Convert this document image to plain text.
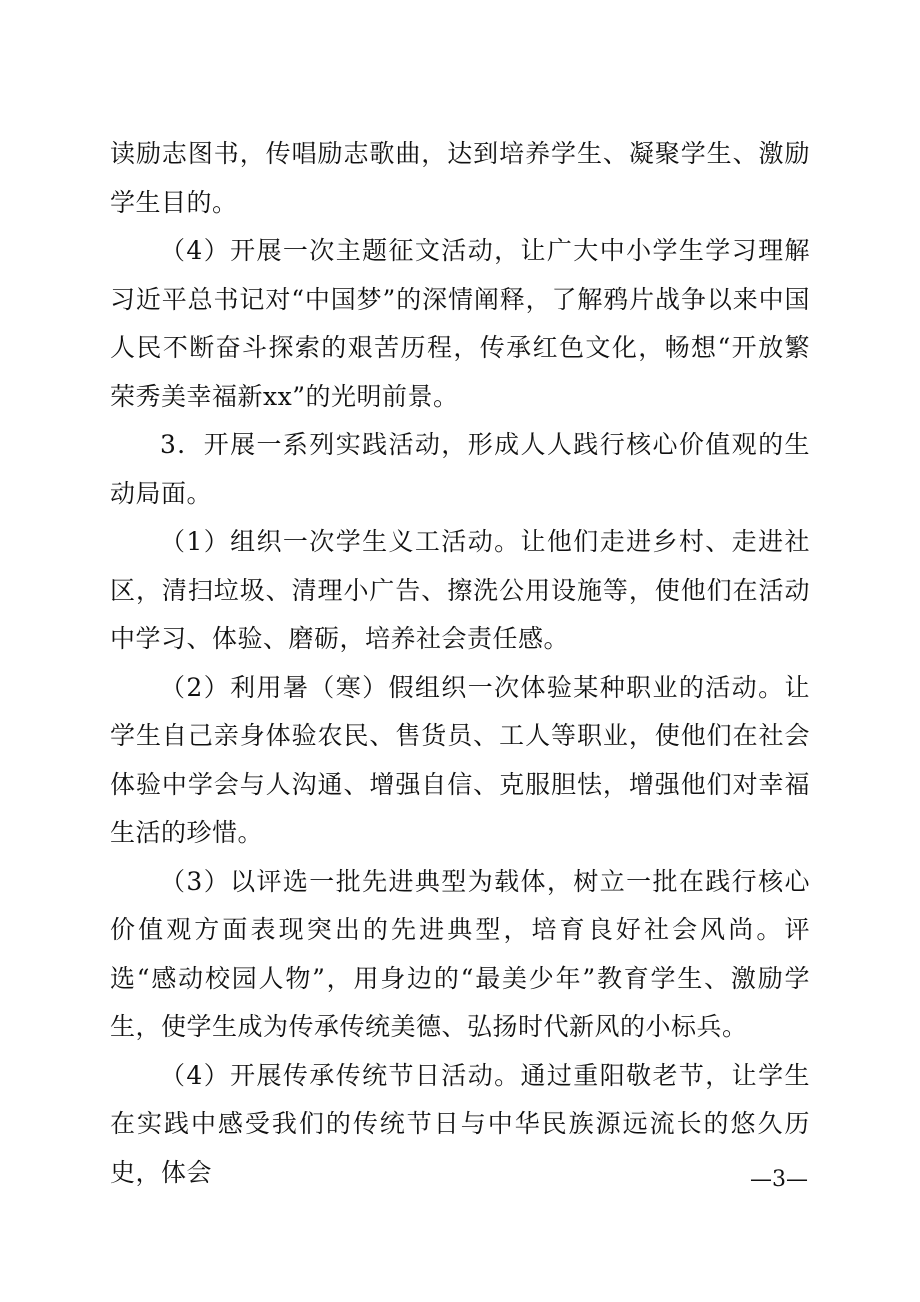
读励志图书，传唱励志歌曲，达到培养学生、凝聚学生、激励学生目的。

（4）开展一次主题征文活动，让广大中小学生学习理解习近平总书记对“中国梦”的深情阐释，了解鸦片战争以来中国人民不断奋斗探索的艰苦历程，传承红色文化，畅想“开放繁荣秀美幸福新xx”的光明前景。

3．开展一系列实践活动，形成人人践行核心价值观的生动局面。

（1）组织一次学生义工活动。让他们走进乡村、走进社区，清扫垃圾、清理小广告、擦洗公用设施等，使他们在活动中学习、体验、磨砺，培养社会责任感。

（2）利用暑（寒）假组织一次体验某种职业的活动。让学生自己亲身体验农民、售货员、工人等职业，使他们在社会体验中学会与人沟通、增强自信、克服胆怯，增强他们对幸福生活的珍惜。

（3）以评选一批先进典型为载体，树立一批在践行核心价值观方面表现突出的先进典型，培育良好社会风尚。评选“感动校园人物”，用身边的“最美少年”教育学生、激励学生，使学生成为传承传统美德、弘扬时代新风的小标兵。

（4）开展传承传统节日活动。通过重阳敬老节，让学生在实践中感受我们的传统节日与中华民族源远流长的悠久历史，体会	—3—
